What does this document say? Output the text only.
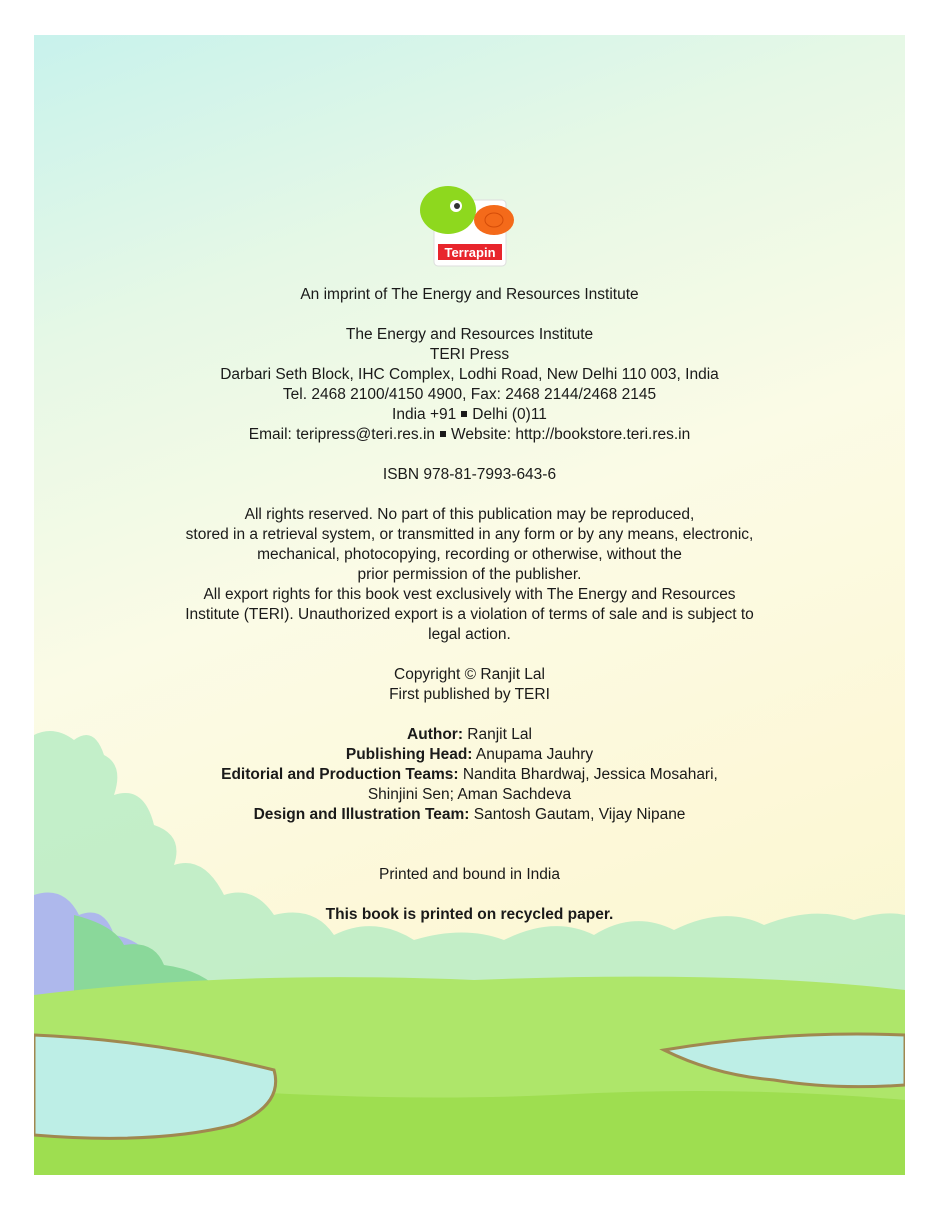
Terrapin
An imprint of The Energy and Resources Institute
The Energy and Resources Institute
TERI Press
Darbari Seth Block, IHC Complex, Lodhi Road, New Delhi 110 003, India
Tel. 2468 2100/4150 4900, Fax: 2468 2144/2468 2145
India +91 Delhi (0)11
Email: teripress@teri.res.in Website: http://bookstore.teri.res.in
ISBN 978-81-7993-643-6
All rights reserved. No part of this publication may be reproduced,
stored in a retrieval system, or transmitted in any form or by any means, electronic,
mechanical, photocopying, recording or otherwise, without the
prior permission of the publisher.
All export rights for this book vest exclusively with The Energy and Resources
Institute (TERI). Unauthorized export is a violation of terms of sale and is subject to
legal action.
Copyright © Ranjit Lal
First published by TERI
Author: Ranjit Lal
Publishing Head: Anupama Jauhry
Editorial and Production Teams: Nandita Bhardwaj, Jessica Mosahari,
Shinjini Sen; Aman Sachdeva
Design and Illustration Team: Santosh Gautam, Vijay Nipane
Printed and bound in India
This book is printed on recycled paper.
